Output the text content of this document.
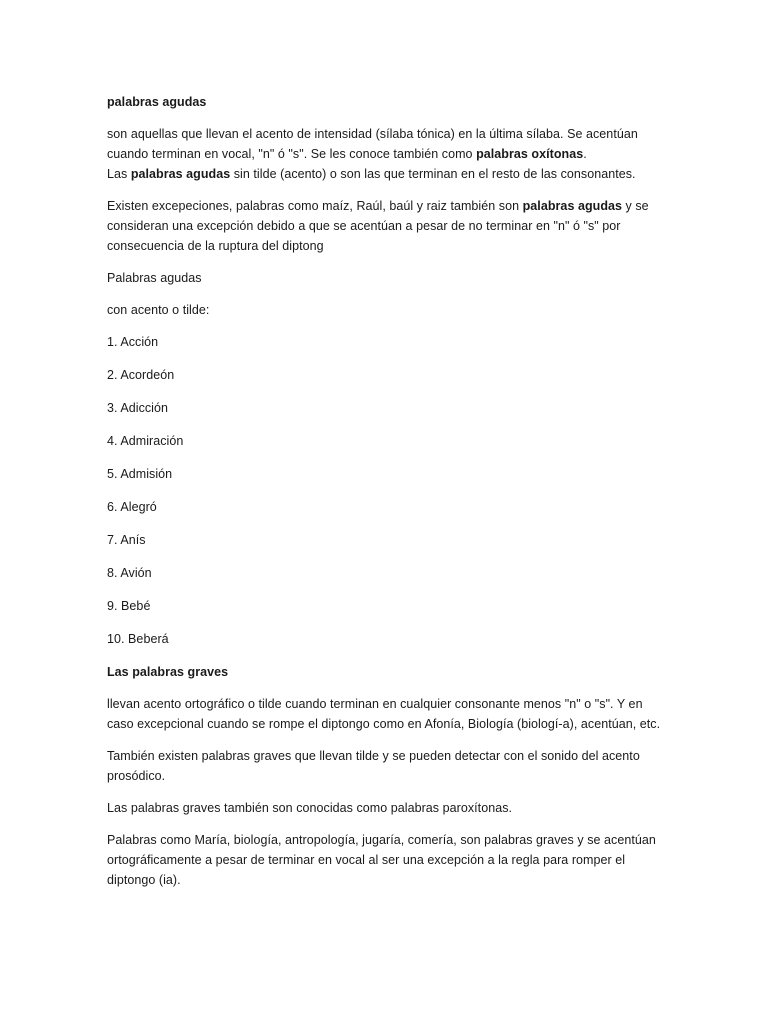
palabras agudas

son aquellas que llevan el acento de intensidad (sílaba tónica) en la última sílaba. Se acentúan cuando terminan en vocal, "n" ó "s". Se les conoce también como palabras oxítonas.
Las palabras agudas sin tilde (acento) o son las que terminan en el resto de las consonantes.

Existen excepeciones, palabras como maíz, Raúl, baúl y raiz también son palabras agudas y se consideran una excepción debido a que se acentúan a pesar de no terminar en "n" ó "s" por consecuencia de la ruptura del diptong

Palabras agudas

con acento o tilde:

1. Acción

2. Acordeón

3. Adicción

4. Admiración

5. Admisión

6. Alegró

7. Anís

8. Avión

9. Bebé

10. Beberá

Las palabras graves

llevan acento ortográfico o tilde cuando terminan en cualquier consonante menos "n" o "s". Y en caso excepcional cuando se rompe el diptongo como en Afonía, Biología (biologí-a), acentúan, etc.

También existen palabras graves que llevan tilde y se pueden detectar con el sonido del acento prosódico.

Las palabras graves también son conocidas como palabras paroxítonas.

Palabras como María, biología, antropología, jugaría, comería, son palabras graves y se acentúan ortográficamente a pesar de terminar en vocal al ser una excepción a la regla para romper el diptongo (ia).
